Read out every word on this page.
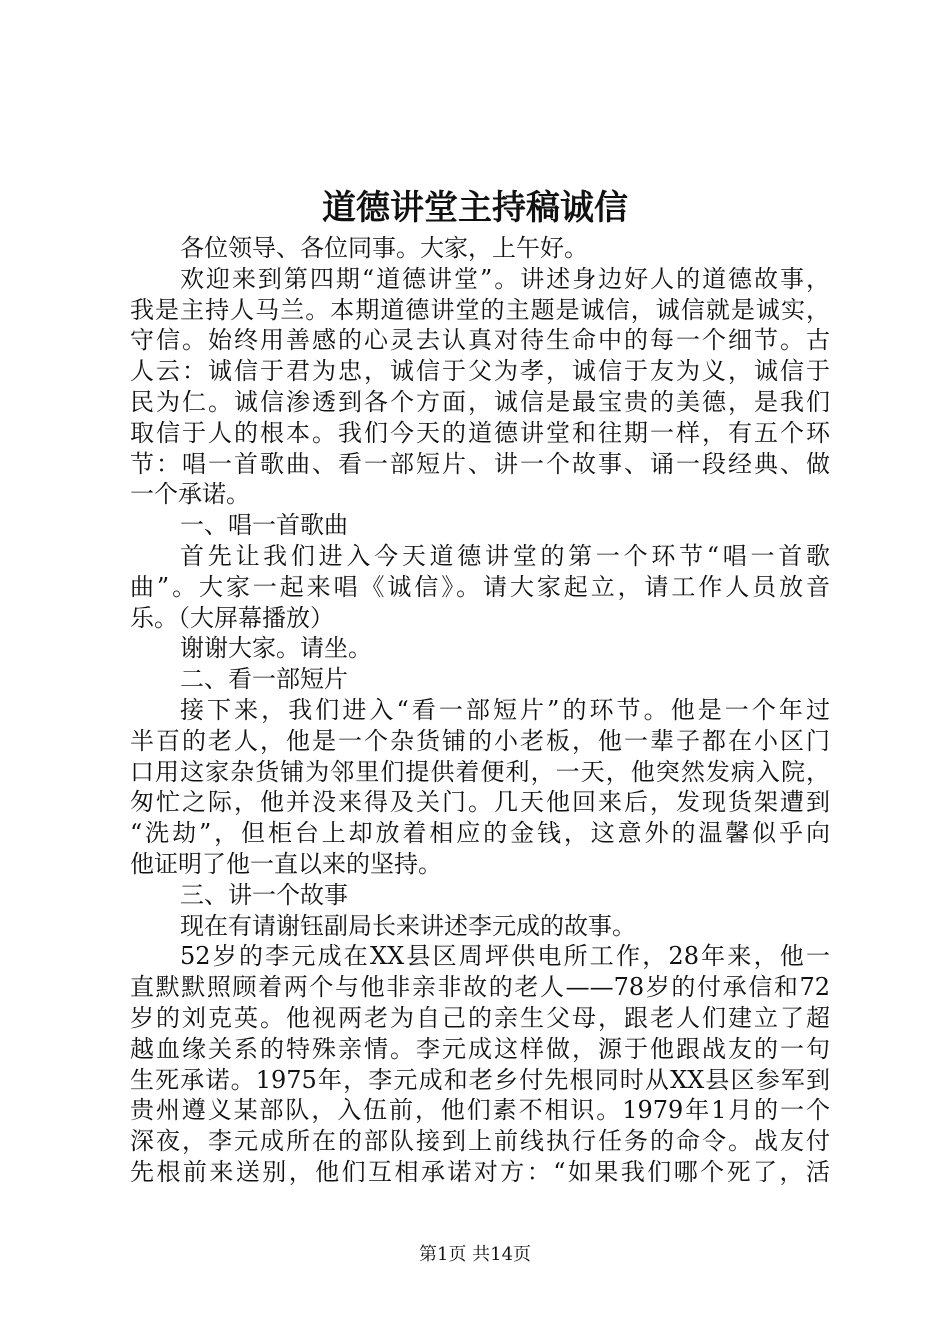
道德讲堂主持稿诚信
各位领导、各位同事。大家，上午好。
欢迎来到第四期“道德讲堂”。讲述身边好人的道德故事，
我是主持人马兰。本期道德讲堂的主题是诚信，诚信就是诚实，
守信。始终用善感的心灵去认真对待生命中的每一个细节。古
人云：诚信于君为忠，诚信于父为孝，诚信于友为义，诚信于
民为仁。诚信渗透到各个方面，诚信是最宝贵的美德，是我们
取信于人的根本。我们今天的道德讲堂和往期一样，有五个环
节：唱一首歌曲、看一部短片、讲一个故事、诵一段经典、做
一个承诺。
一、唱一首歌曲
首先让我们进入今天道德讲堂的第一个环节“唱一首歌
曲”。大家一起来唱《诚信》。请大家起立，请工作人员放音
乐。（大屏幕播放）
谢谢大家。请坐。
二、看一部短片
接下来，我们进入“看一部短片”的环节。他是一个年过
半百的老人，他是一个杂货铺的小老板，他一辈子都在小区门
口用这家杂货铺为邻里们提供着便利，一天，他突然发病入院，
匆忙之际，他并没来得及关门。几天他回来后，发现货架遭到
“洗劫”，但柜台上却放着相应的金钱，这意外的温馨似乎向
他证明了他一直以来的坚持。
三、讲一个故事
现在有请谢钰副局长来讲述李元成的故事。
52岁的李元成在XX县区周坪供电所工作，28年来，他一
直默默照顾着两个与他非亲非故的老人——78岁的付承信和72
岁的刘克英。他视两老为自己的亲生父母，跟老人们建立了超
越血缘关系的特殊亲情。李元成这样做，源于他跟战友的一句
生死承诺。1975年，李元成和老乡付先根同时从XX县区参军到
贵州遵义某部队，入伍前，他们素不相识。1979年1月的一个
深夜，李元成所在的部队接到上前线执行任务的命令。战友付
先根前来送别，他们互相承诺对方：“如果我们哪个死了，活
第1页 共14页
